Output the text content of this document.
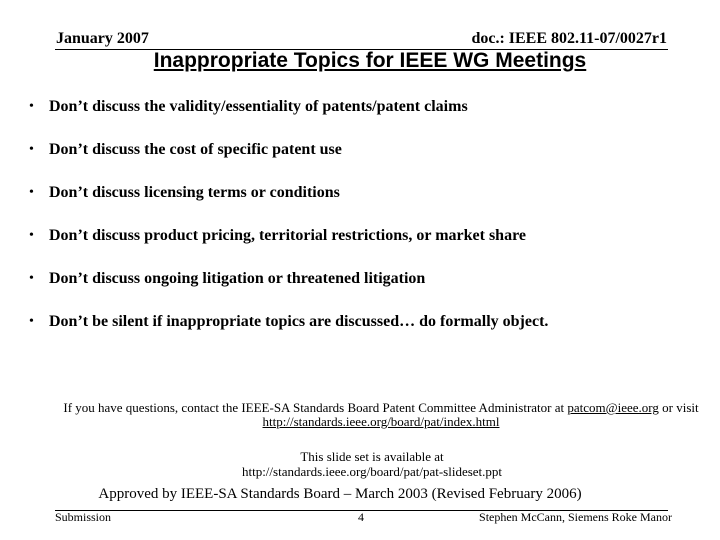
January 2007	doc.: IEEE 802.11-07/0027r1
Inappropriate Topics for IEEE WG Meetings
• Don’t discuss the validity/essentiality of patents/patent claims
• Don’t discuss the cost of specific patent use
• Don’t discuss licensing terms or conditions
• Don’t discuss product pricing, territorial restrictions, or market share
• Don’t discuss ongoing litigation or threatened litigation
• Don’t be silent if inappropriate topics are discussed… do formally object.
If you have questions, contact the IEEE-SA Standards Board Patent Committee Administrator at patcom@ieee.org or visit http://standards.ieee.org/board/pat/index.html
This slide set is available at
http://standards.ieee.org/board/pat/pat-slideset.ppt
Approved by IEEE-SA Standards Board – March 2003 (Revised February 2006)
Submission	4	Stephen McCann, Siemens Roke Manor
